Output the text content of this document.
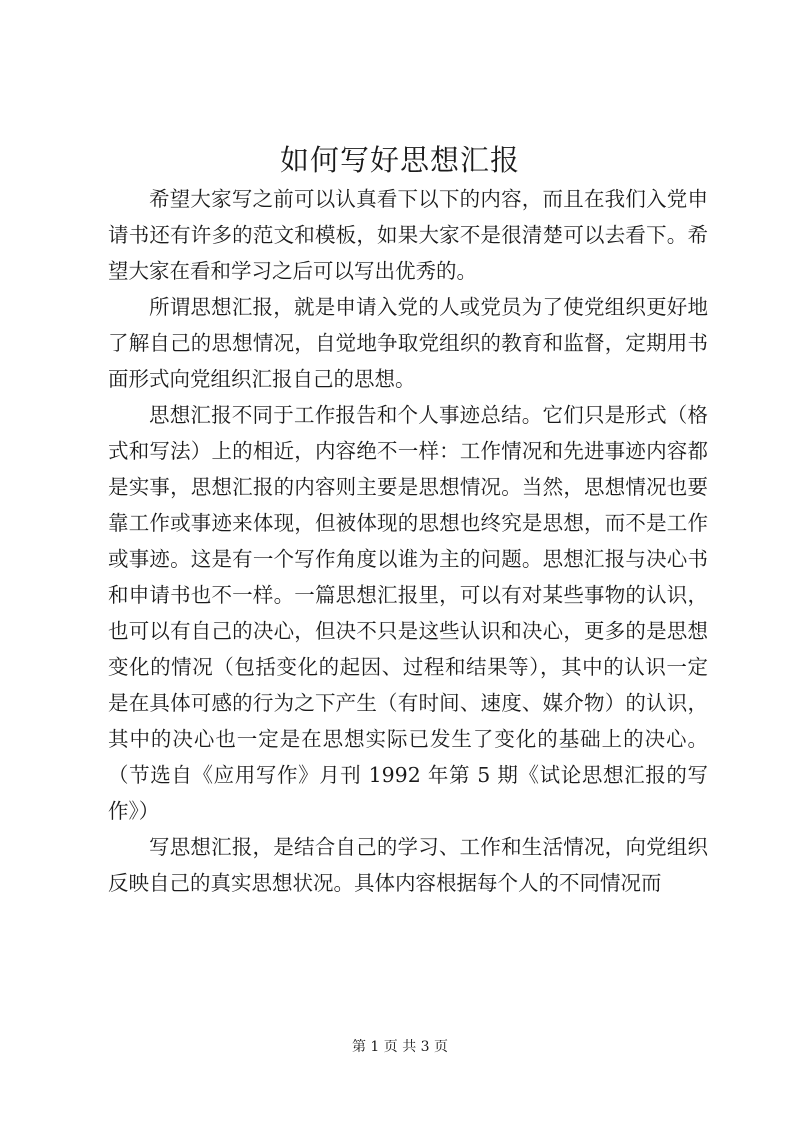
如何写好思想汇报

希望大家写之前可以认真看下以下的内容，而且在我们入党申请书还有许多的范文和模板，如果大家不是很清楚可以去看下。希望大家在看和学习之后可以写出优秀的。

所谓思想汇报，就是申请入党的人或党员为了使党组织更好地了解自己的思想情况，自觉地争取党组织的教育和监督，定期用书面形式向党组织汇报自己的思想。

思想汇报不同于工作报告和个人事迹总结。它们只是形式（格式和写法）上的相近，内容绝不一样：工作情况和先进事迹内容都是实事，思想汇报的内容则主要是思想情况。当然，思想情况也要靠工作或事迹来体现，但被体现的思想也终究是思想，而不是工作或事迹。这是有一个写作角度以谁为主的问题。思想汇报与决心书和申请书也不一样。一篇思想汇报里，可以有对某些事物的认识，也可以有自己的决心，但决不只是这些认识和决心，更多的是思想变化的情况（包括变化的起因、过程和结果等），其中的认识一定是在具体可感的行为之下产生（有时间、速度、媒介物）的认识，其中的决心也一定是在思想实际已发生了变化的基础上的决心。（节选自《应用写作》月刊 1992 年第 5 期《试论思想汇报的写作》）

写思想汇报，是结合自己的学习、工作和生活情况，向党组织反映自己的真实思想状况。具体内容根据每个人的不同情况而

第 1 页 共 3 页
